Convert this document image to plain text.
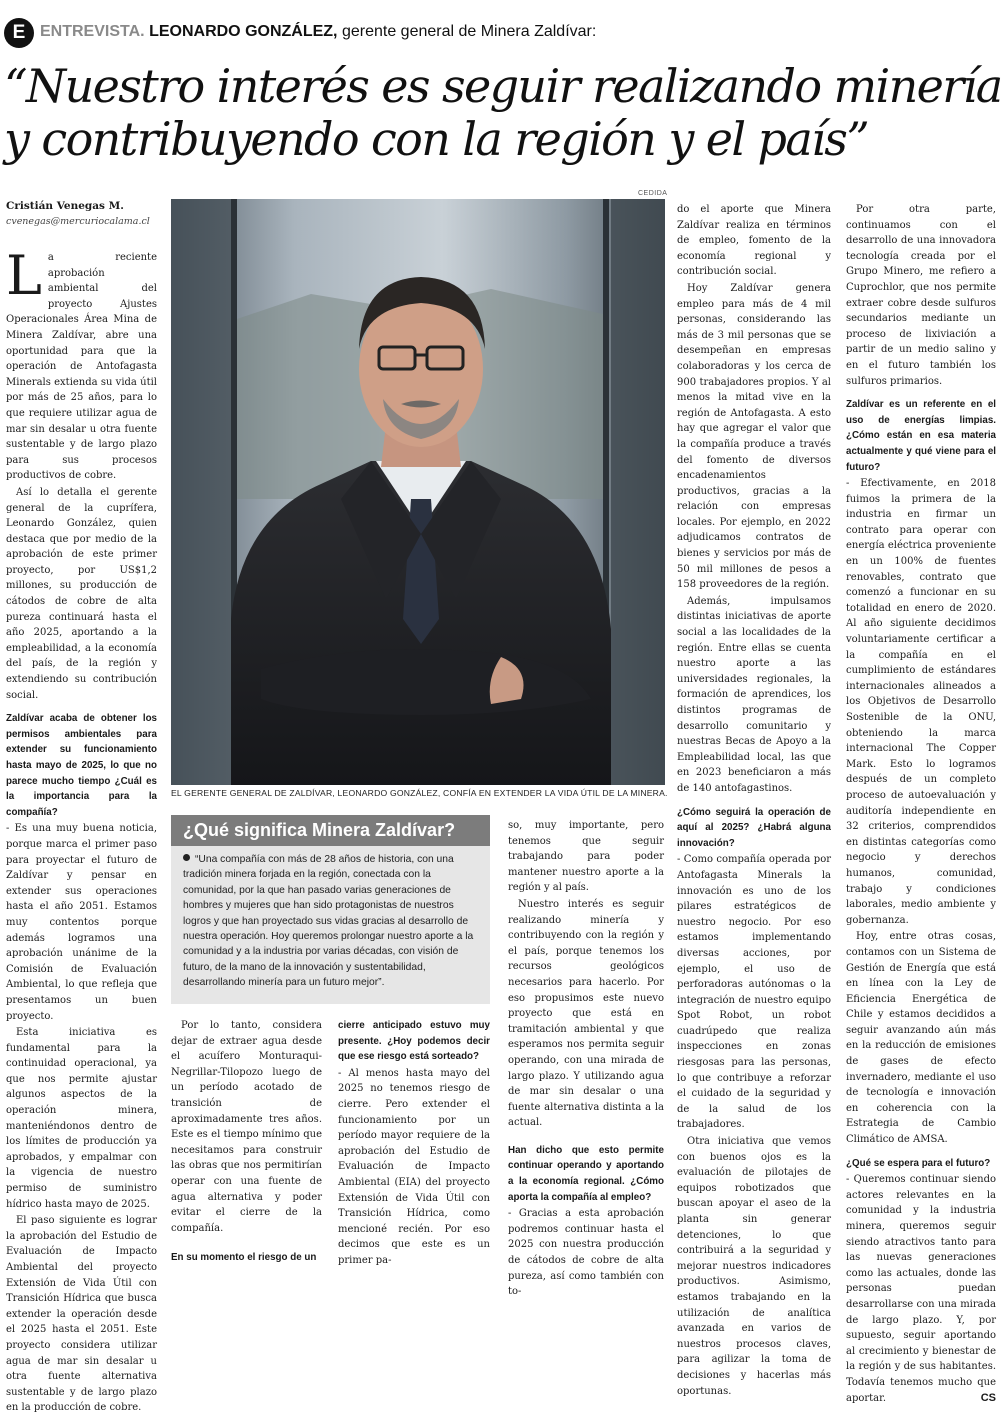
E ENTREVISTA. LEONARDO GONZÁLEZ, gerente general de Minera Zaldívar:
“Nuestro interés es seguir realizando minería
y contribuyendo con la región y el país”
Cristián Venegas M.
cvenegas@mercuriocalama.cl

La reciente aprobación ambiental del proyecto Ajustes Operacionales Área Mina de Minera Zaldívar, abre una oportunidad para que la operación de Antofagasta Minerals extienda su vida útil por más de 25 años, para lo que requiere utilizar agua de mar sin desalar u otra fuente sustentable y de largo plazo para sus procesos productivos de cobre.

Así lo detalla el gerente general de la cuprífera, Leonardo González, quien destaca que por medio de la aprobación de este primer proyecto, por US$1,2 millones, su producción de cátodos de cobre de alta pureza continuará hasta el año 2025, aportando a la empleabilidad, a la economía del país, de la región y extendiendo su contribución social.

Zaldívar acaba de obtener los permisos ambientales para extender su funcionamiento hasta mayo de 2025, lo que no parece mucho tiempo ¿Cuál es la importancia para la compañía?

- Es una muy buena noticia, porque marca el primer paso para proyectar el futuro de Zaldívar y pensar en extender sus operaciones hasta el año 2051. Estamos muy contentos porque además logramos una aprobación unánime de la Comisión de Evaluación Ambiental, lo que refleja que presentamos un buen proyecto.

Esta iniciativa es fundamental para la continuidad operacional, ya que nos permite ajustar algunos aspectos de la operación minera, manteniéndonos dentro de los límites de producción ya aprobados, y empalmar con la vigencia de nuestro permiso de suministro hídrico hasta mayo de 2025.

El paso siguiente es lograr la aprobación del Estudio de Evaluación de Impacto Ambiental del proyecto Extensión de Vida Útil con Transición Hídrica que busca extender la operación desde el 2025 hasta el 2051. Este proyecto considera utilizar agua de mar sin desalar u otra fuente alternativa sustentable y de largo plazo en la producción de cobre.

CEDIDA
EL GERENTE GENERAL DE ZALDÍVAR, LEONARDO GONZÁLEZ, CONFÍA EN EXTENDER LA VIDA ÚTIL DE LA MINERA.
¿Qué significa Minera Zaldívar?
“Una compañía con más de 28 años de historia, con una tradición minera forjada en la región, conectada con la comunidad, por la que han pasado varias generaciones de hombres y mujeres que han sido protagonistas de nuestros logros y que han proyectado sus vidas gracias al desarrollo de nuestra operación. Hoy queremos prolongar nuestro aporte a la comunidad y a la industria por varias décadas, con visión de futuro, de la mano de la innovación y sustentabilidad, desarrollando minería para un futuro mejor”.

Por lo tanto, considera dejar de extraer agua desde el acuífero Monturaqui-Negrillar-Tilopozo luego de un período acotado de transición de aproximadamente tres años. Este es el tiempo mínimo que necesitamos para construir las obras que nos permitirían operar con una fuente de agua alternativa y poder evitar el cierre de la compañía.

En su momento el riesgo de un

cierre anticipado estuvo muy presente. ¿Hoy podemos decir que ese riesgo está sorteado?

- Al menos hasta mayo del 2025 no tenemos riesgo de cierre. Pero extender el funcionamiento por un período mayor requiere de la aprobación del Estudio de Evaluación de Impacto Ambiental (EIA) del proyecto Extensión de Vida Útil con Transición Hídrica, como mencioné recién. Por eso decimos que este es un primer pa-

so, muy importante, pero tenemos que seguir trabajando para poder mantener nuestro aporte a la región y al país.

Nuestro interés es seguir realizando minería y contribuyendo con la región y el país, porque tenemos los recursos geológicos necesarios para hacerlo. Por eso propusimos este nuevo proyecto que está en tramitación ambiental y que esperamos nos permita seguir operando, con una mirada de largo plazo. Y utilizando agua de mar sin desalar o una fuente alternativa distinta a la actual.

Han dicho que esto permite continuar operando y aportando a la economía regional. ¿Cómo aporta la compañía al empleo?

- Gracias a esta aprobación podremos continuar hasta el 2025 con nuestra producción de cátodos de cobre de alta pureza, así como también con to-

do el aporte que Minera Zaldívar realiza en términos de empleo, fomento de la economía regional y contribución social.

Hoy Zaldívar genera empleo para más de 4 mil personas, considerando las más de 3 mil personas que se desempeñan en empresas colaboradoras y los cerca de 900 trabajadores propios. Y al menos la mitad vive en la región de Antofagasta. A esto hay que agregar el valor que la compañía produce a través del fomento de diversos encadenamientos productivos, gracias a la relación con empresas locales. Por ejemplo, en 2022 adjudicamos contratos de bienes y servicios por más de 50 mil millones de pesos a 158 proveedores de la región.

Además, impulsamos distintas iniciativas de aporte social a las localidades de la región. Entre ellas se cuenta nuestro aporte a las universidades regionales, la formación de aprendices, los distintos programas de desarrollo comunitario y nuestras Becas de Apoyo a la Empleabilidad local, las que en 2023 beneficiaron a más de 140 antofagastinos.

¿Cómo seguirá la operación de aquí al 2025? ¿Habrá alguna innovación?

- Como compañía operada por Antofagasta Minerals la innovación es uno de los pilares estratégicos de nuestro negocio. Por eso estamos implementando diversas acciones, por ejemplo, el uso de perforadoras autónomas o la integración de nuestro equipo Spot Robot, un robot cuadrúpedo que realiza inspecciones en zonas riesgosas para las personas, lo que contribuye a reforzar el cuidado de la seguridad y de la salud de los trabajadores.

Otra iniciativa que vemos con buenos ojos es la evaluación de pilotajes de equipos robotizados que buscan apoyar el aseo de la planta sin generar detenciones, lo que contribuirá a la seguridad y mejorar nuestros indicadores productivos. Asimismo, estamos trabajando en la utilización de analítica avanzada en varios de nuestros procesos claves, para agilizar la toma de decisiones y hacerlas más oportunas.

Por otra parte, continuamos con el desarrollo de una innovadora tecnología creada por el Grupo Minero, me refiero a Cuprochlor, que nos permite extraer cobre desde sulfuros secundarios mediante un proceso de lixiviación a partir de un medio salino y en el futuro también los sulfuros primarios.

Zaldívar es un referente en el uso de energías limpias. ¿Cómo están en esa materia actualmente y qué viene para el futuro?

- Efectivamente, en 2018 fuimos la primera de la industria en firmar un contrato para operar con energía eléctrica proveniente en un 100% de fuentes renovables, contrato que comenzó a funcionar en su totalidad en enero de 2020. Al año siguiente decidimos voluntariamente certificar a la compañía en el cumplimiento de estándares internacionales alineados a los Objetivos de Desarrollo Sostenible de la ONU, obteniendo la marca internacional The Copper Mark. Esto lo logramos después de un completo proceso de autoevaluación y auditoría independiente en 32 criterios, comprendidos en distintas categorías como negocio y derechos humanos, comunidad, trabajo y condiciones laborales, medio ambiente y gobernanza.

Hoy, entre otras cosas, contamos con un Sistema de Gestión de Energía que está en línea con la Ley de Eficiencia Energética de Chile y estamos decididos a seguir avanzando aún más en la reducción de emisiones de gases de efecto invernadero, mediante el uso de tecnología e innovación en coherencia con la Estrategia de Cambio Climático de AMSA.

¿Qué se espera para el futuro?

- Queremos continuar siendo actores relevantes en la comunidad y la industria minera, queremos seguir siendo atractivos tanto para las nuevas generaciones como las actuales, donde las personas puedan desarrollarse con una mirada de largo plazo. Y, por supuesto, seguir aportando al crecimiento y bienestar de la región y de sus habitantes. Todavía tenemos mucho que aportar.	CS
